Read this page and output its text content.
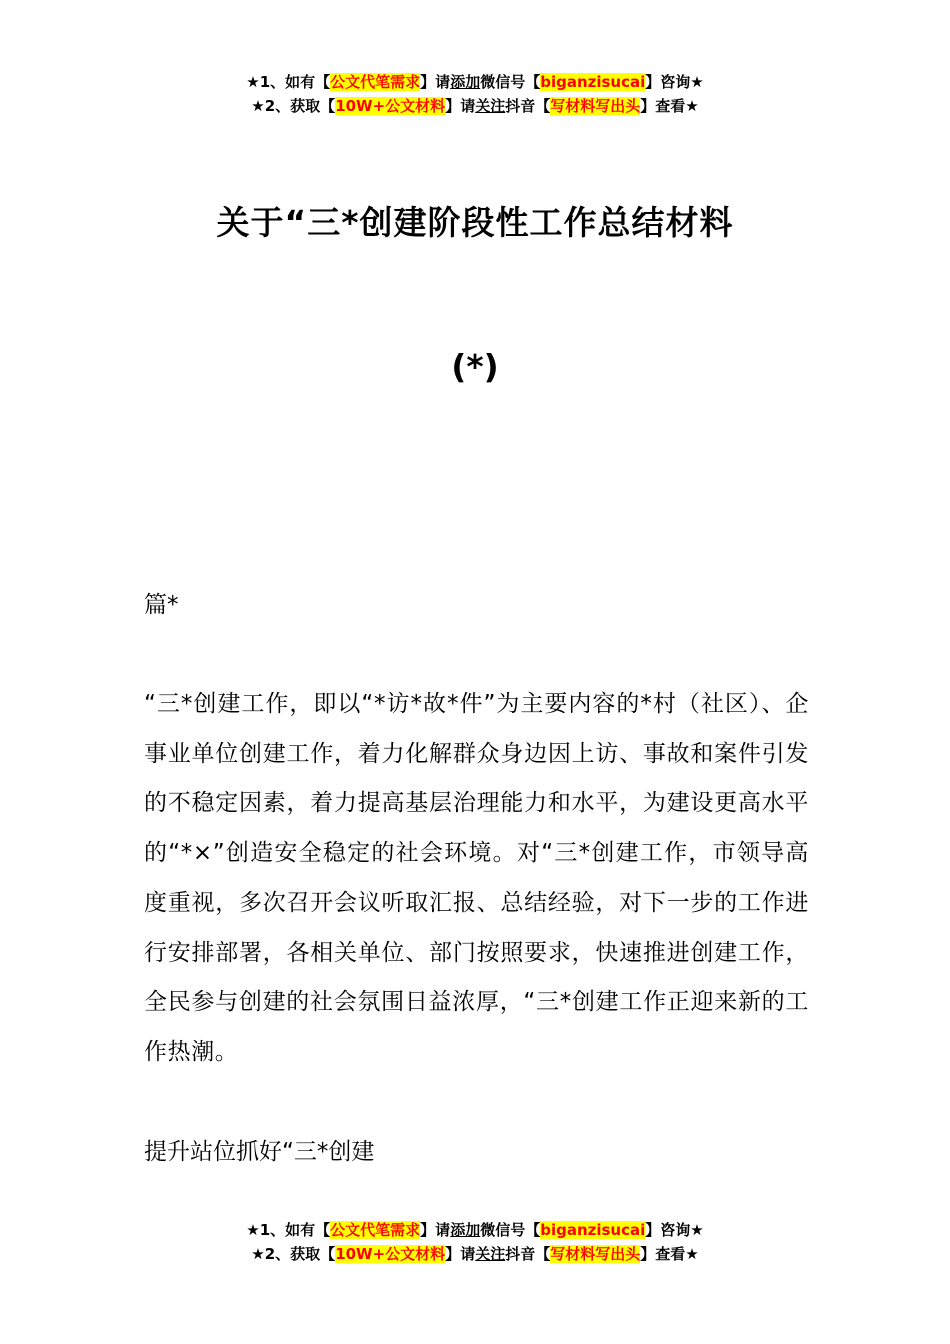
★1、如有【公文代笔需求】请添加微信号【biganzisucai】咨询★
★2、获取【10W+公文材料】请关注抖音【写材料写出头】查看★
关于“三*创建阶段性工作总结材料
(*)
篇*
“三*创建工作，即以“*访*故*件”为主要内容的*村（社区）、企事业单位创建工作，着力化解群众身边因上访、事故和案件引发的不稳定因素，着力提高基层治理能力和水平，为建设更高水平的“*×”创造安全稳定的社会环境。对“三*创建工作，市领导高度重视，多次召开会议听取汇报、总结经验，对下一步的工作进行安排部署，各相关单位、部门按照要求，快速推进创建工作，全民参与创建的社会氛围日益浓厚，“三*创建工作正迎来新的工作热潮。
提升站位抓好“三*创建
★1、如有【公文代笔需求】请添加微信号【biganzisucai】咨询★
★2、获取【10W+公文材料】请关注抖音【写材料写出头】查看★
